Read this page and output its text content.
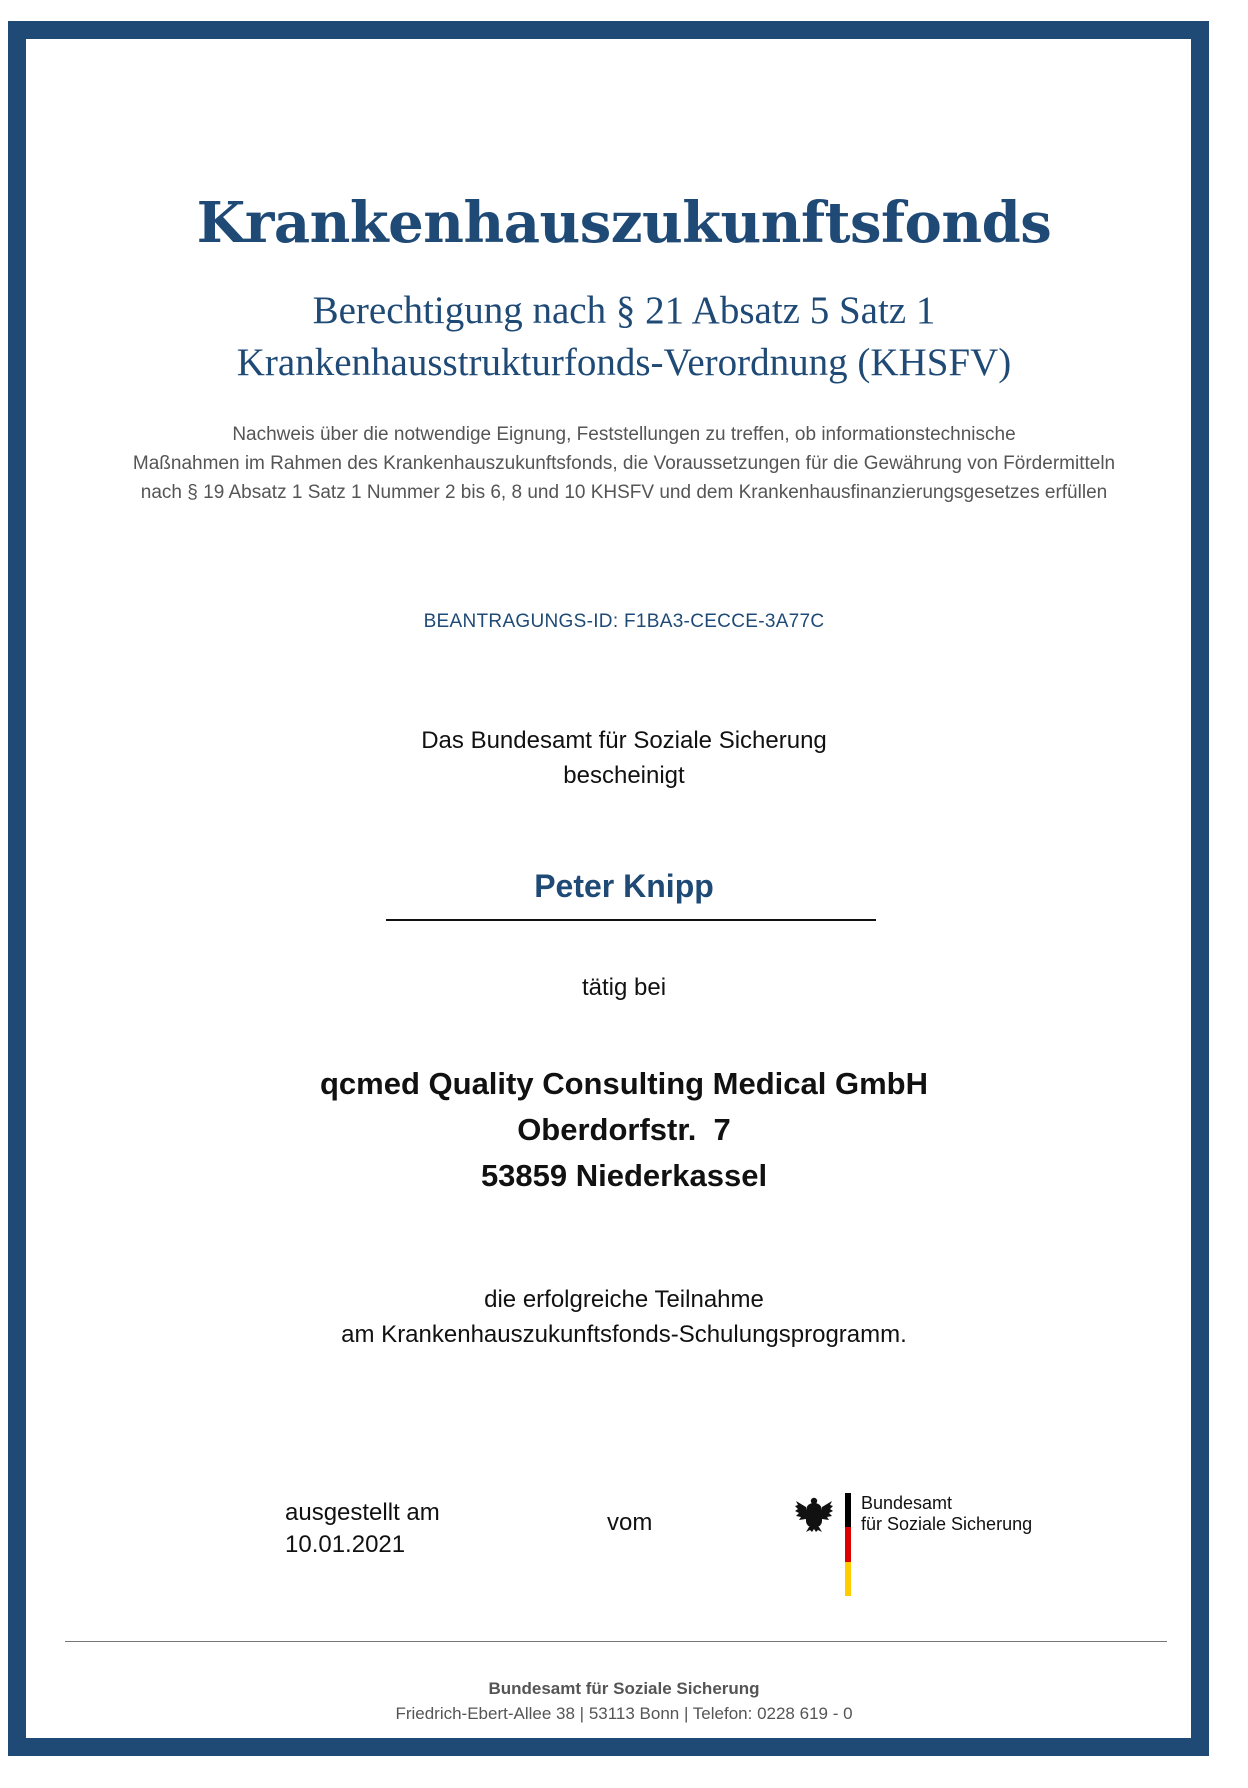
Krankenhauszukunftsfonds
Berechtigung nach § 21 Absatz 5 Satz 1
Krankenhausstrukturfonds-Verordnung (KHSFV)
Nachweis über die notwendige Eignung, Feststellungen zu treffen, ob informationstechnische
Maßnahmen im Rahmen des Krankenhauszukunftsfonds, die Voraussetzungen für die Gewährung von Fördermitteln
nach § 19 Absatz 1 Satz 1 Nummer 2 bis 6, 8 und 10 KHSFV und dem Krankenhausfinanzierungsgesetzes erfüllen
BEANTRAGUNGS-ID: F1BA3-CECCE-3A77C
Das Bundesamt für Soziale Sicherung
bescheinigt
Peter Knipp
tätig bei
qcmed Quality Consulting Medical GmbH
Oberdorfstr.  7
53859 Niederkassel
die erfolgreiche Teilnahme
am Krankenhauszukunftsfonds-Schulungsprogramm.
ausgestellt am
10.01.2021
vom
Bundesamt
für Soziale Sicherung
Bundesamt für Soziale Sicherung
Friedrich-Ebert-Allee 38 | 53113 Bonn | Telefon: 0228 619 - 0
